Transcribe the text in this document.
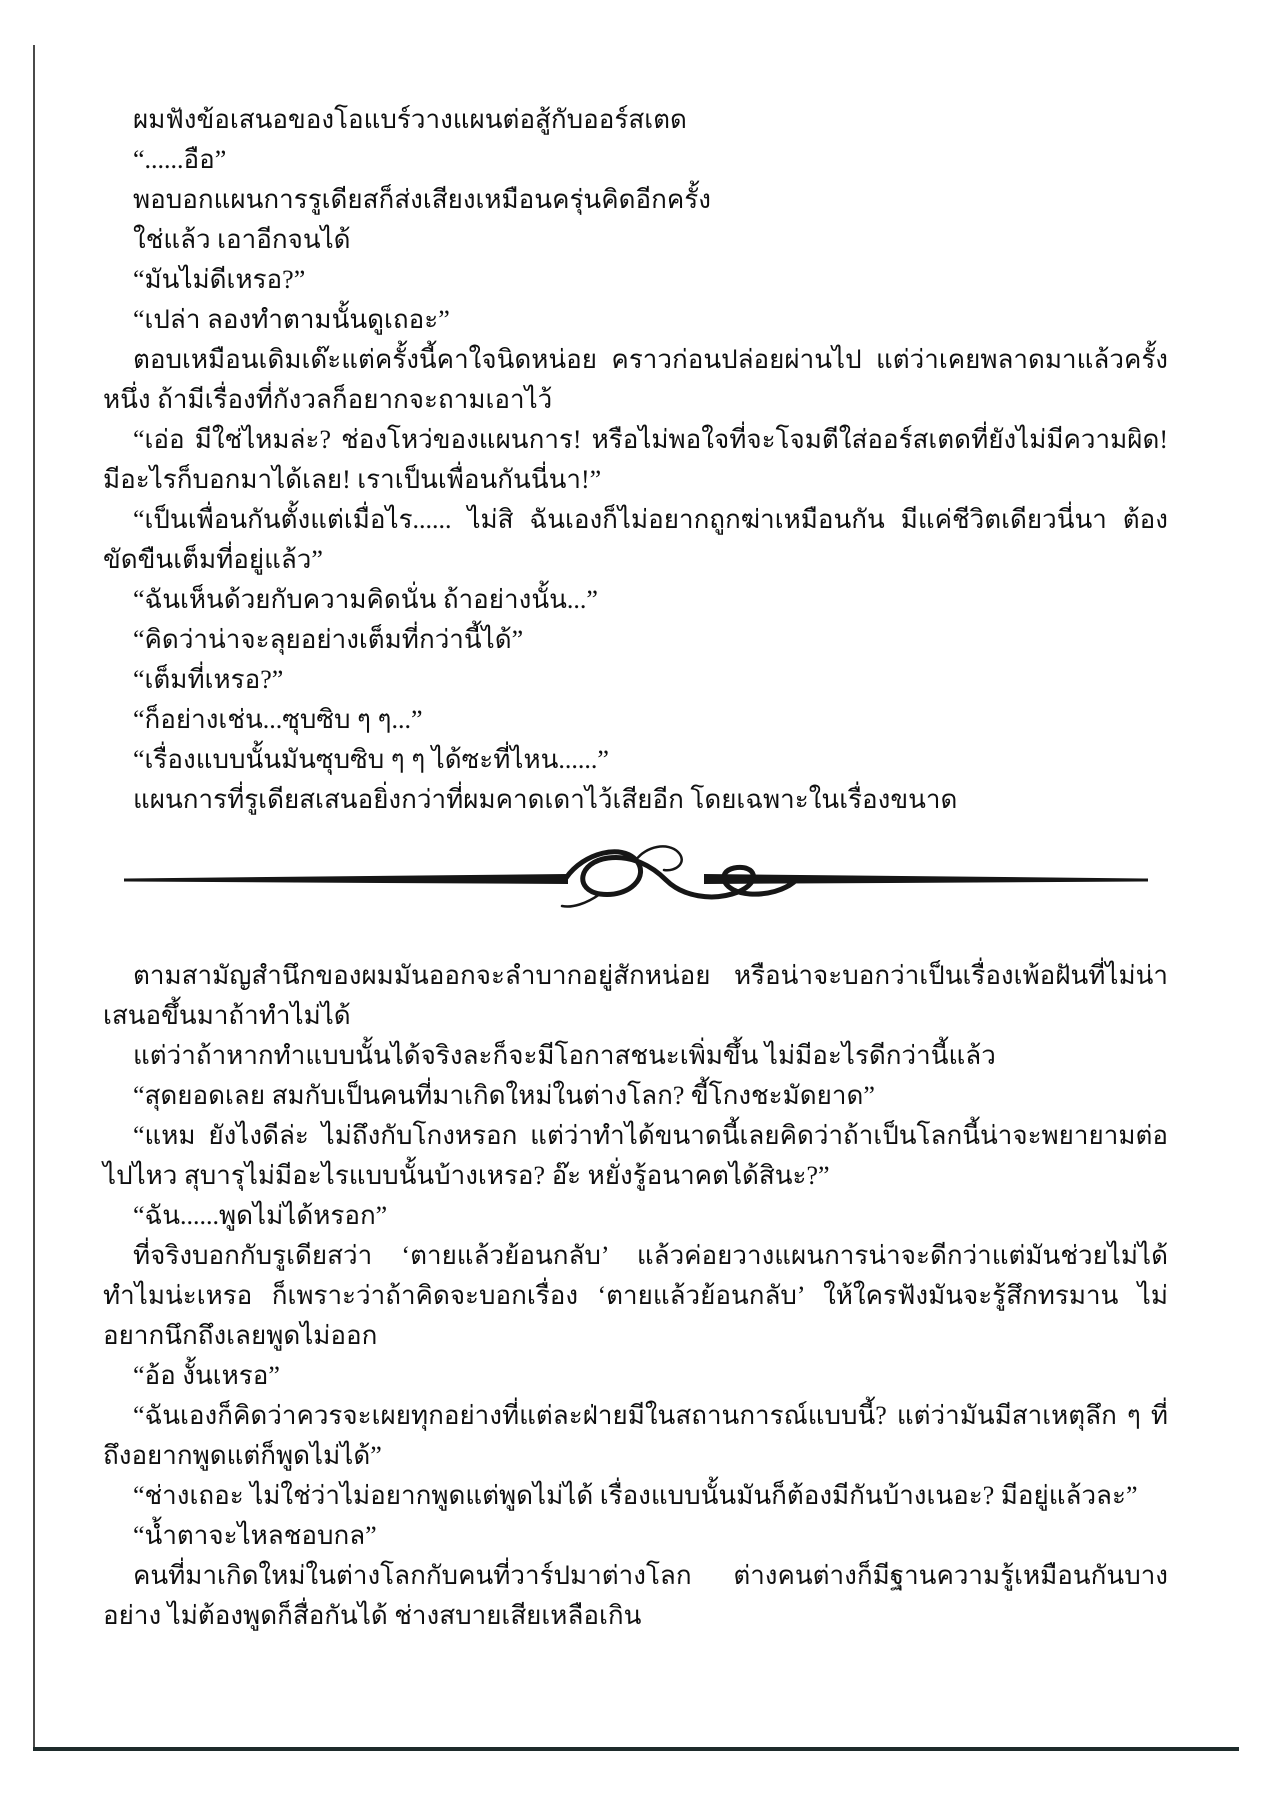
ผมฟังข้อเสนอของโอแบร์วางแผนต่อสู้กับออร์สเตด

“......อือ”

พอบอกแผนการรูเดียสก็ส่งเสียงเหมือนครุ่นคิดอีกครั้ง

ใช่แล้ว เอาอีกจนได้

“มันไม่ดีเหรอ?”

“เปล่า ลองทำตามนั้นดูเถอะ”

ตอบเหมือนเดิมเด๊ะแต่ครั้งนี้คาใจนิดหน่อย คราวก่อนปล่อยผ่านไป แต่ว่าเคยพลาดมาแล้วครั้งหนึ่ง ถ้ามีเรื่องที่กังวลก็อยากจะถามเอาไว้

“เอ่อ มีใช่ไหมล่ะ? ช่องโหว่ของแผนการ! หรือไม่พอใจที่จะโจมตีใส่ออร์สเตดที่ยังไม่มีความผิด! มีอะไรก็บอกมาได้เลย! เราเป็นเพื่อนกันนี่นา!”

“เป็นเพื่อนกันตั้งแต่เมื่อไร...... ไม่สิ ฉันเองก็ไม่อยากถูกฆ่าเหมือนกัน มีแค่ชีวิตเดียวนี่นา ต้องขัดขืนเต็มที่อยู่แล้ว”

“ฉันเห็นด้วยกับความคิดนั่น ถ้าอย่างนั้น...”

“คิดว่าน่าจะลุยอย่างเต็มที่กว่านี้ได้”

“เต็มที่เหรอ?”

“ก็อย่างเช่น...ซุบซิบ ๆ ๆ...”

“เรื่องแบบนั้นมันซุบซิบ ๆ ๆ ได้ซะที่ไหน......”

แผนการที่รูเดียสเสนอยิ่งกว่าที่ผมคาดเดาไว้เสียอีก โดยเฉพาะในเรื่องขนาด

ตามสามัญสำนึกของผมมันออกจะลำบากอยู่สักหน่อย หรือน่าจะบอกว่าเป็นเรื่องเพ้อฝันที่ไม่น่าเสนอขึ้นมาถ้าทำไม่ได้

แต่ว่าถ้าหากทำแบบนั้นได้จริงละก็จะมีโอกาสชนะเพิ่มขึ้น ไม่มีอะไรดีกว่านี้แล้ว

“สุดยอดเลย สมกับเป็นคนที่มาเกิดใหม่ในต่างโลก? ขี้โกงชะมัดยาด”

“แหม ยังไงดีล่ะ ไม่ถึงกับโกงหรอก แต่ว่าทำได้ขนาดนี้เลยคิดว่าถ้าเป็นโลกนี้น่าจะพยายามต่อไปไหว สุบารุไม่มีอะไรแบบนั้นบ้างเหรอ? อ๊ะ หยั่งรู้อนาคตได้สินะ?”

“ฉัน......พูดไม่ได้หรอก”

ที่จริงบอกกับรูเดียสว่า ‘ตายแล้วย้อนกลับ’ แล้วค่อยวางแผนการน่าจะดีกว่าแต่มันช่วยไม่ได้ ทำไมน่ะเหรอ ก็เพราะว่าถ้าคิดจะบอกเรื่อง ‘ตายแล้วย้อนกลับ’ ให้ใครฟังมันจะรู้สึกทรมาน ไม่อยากนึกถึงเลยพูดไม่ออก

“อ้อ งั้นเหรอ”

“ฉันเองก็คิดว่าควรจะเผยทุกอย่างที่แต่ละฝ่ายมีในสถานการณ์แบบนี้? แต่ว่ามันมีสาเหตุลึก ๆ ที่ถึงอยากพูดแต่ก็พูดไม่ได้”

“ช่างเถอะ ไม่ใช่ว่าไม่อยากพูดแต่พูดไม่ได้ เรื่องแบบนั้นมันก็ต้องมีกันบ้างเนอะ? มีอยู่แล้วละ”

“น้ำตาจะไหลชอบกล”

คนที่มาเกิดใหม่ในต่างโลกกับคนที่วาร์ปมาต่างโลก ต่างคนต่างก็มีฐานความรู้เหมือนกันบางอย่าง ไม่ต้องพูดก็สื่อกันได้ ช่างสบายเสียเหลือเกิน
